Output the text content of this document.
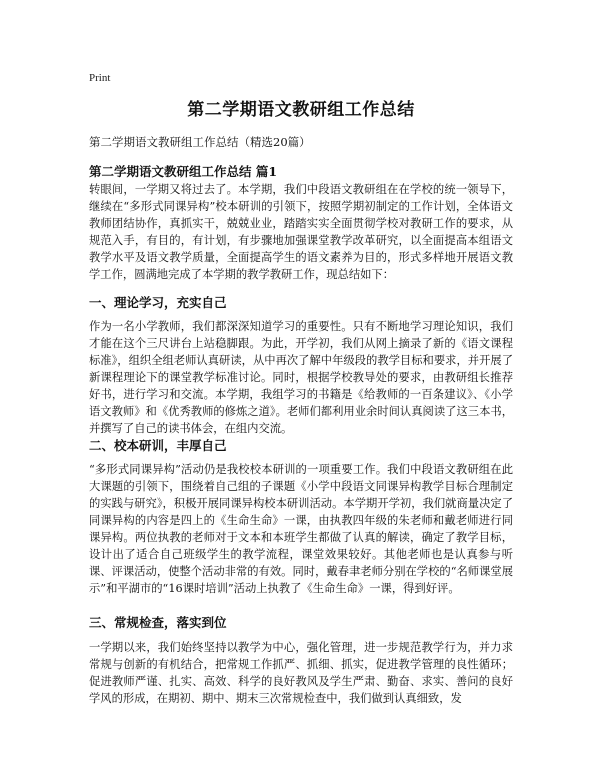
Print
第二学期语文教研组工作总结
第二学期语文教研组工作总结（精选20篇）
第二学期语文教研组工作总结 篇1
转眼间，一学期又将过去了。本学期，我们中段语文教研组在在学校的统一领导下，继续在“多形式同课异构”校本研训的引领下，按照学期初制定的工作计划，全体语文教师团结协作，真抓实干，兢兢业业，踏踏实实全面贯彻学校对教研工作的要求，从规范入手，有目的，有计划，有步骤地加强课堂教学改革研究，以全面提高本组语文教学水平及语文教学质量，全面提高学生的语文素养为目的，形式多样地开展语文教学工作，圆满地完成了本学期的教学教研工作，现总结如下：
一、理论学习，充实自己
作为一名小学教师，我们都深深知道学习的重要性。只有不断地学习理论知识，我们才能在这个三尺讲台上站稳脚跟。为此，开学初，我们从网上摘录了新的《语文课程标准》，组织全组老师认真研读，从中再次了解中年级段的教学目标和要求，并开展了新课程理论下的课堂教学标准讨论。同时，根据学校教导处的要求，由教研组长推荐好书，进行学习和交流。本学期，我组学习的书籍是《给教师的一百条建议》、《小学语文教师》和《优秀教师的修炼之道》。老师们都利用业余时间认真阅读了这三本书，并撰写了自己的读书体会，在组内交流。
二、校本研训，丰厚自己
“多形式同课异构”活动仍是我校校本研训的一项重要工作。我们中段语文教研组在此大课题的引领下，围绕着自己组的子课题《小学中段语文同课异构教学目标合理制定的实践与研究》，积极开展同课异构校本研训活动。本学期开学初，我们就商量决定了同课异构的内容是四上的《生命生命》一课，由执教四年级的朱老师和戴老师进行同课异构。两位执教的老师对于文本和本班学生都做了认真的解读，确定了教学目标，设计出了适合自己班级学生的教学流程，课堂效果较好。其他老师也是认真参与听课、评课活动，使整个活动非常的有效。同时，戴春聿老师分别在学校的“名师课堂展示”和平湖市的“16课时培训”活动上执教了《生命生命》一课，得到好评。
三、常规检查，落实到位
一学期以来，我们始终坚持以教学为中心，强化管理，进一步规范教学行为，并力求常规与创新的有机结合，把常规工作抓严、抓细、抓实，促进教学管理的良性循环；促进教师严谨、扎实、高效、科学的良好教风及学生严肃、勤奋、求实、善问的良好学风的形成，在期初、期中、期末三次常规检查中，我们做到认真细致，发
